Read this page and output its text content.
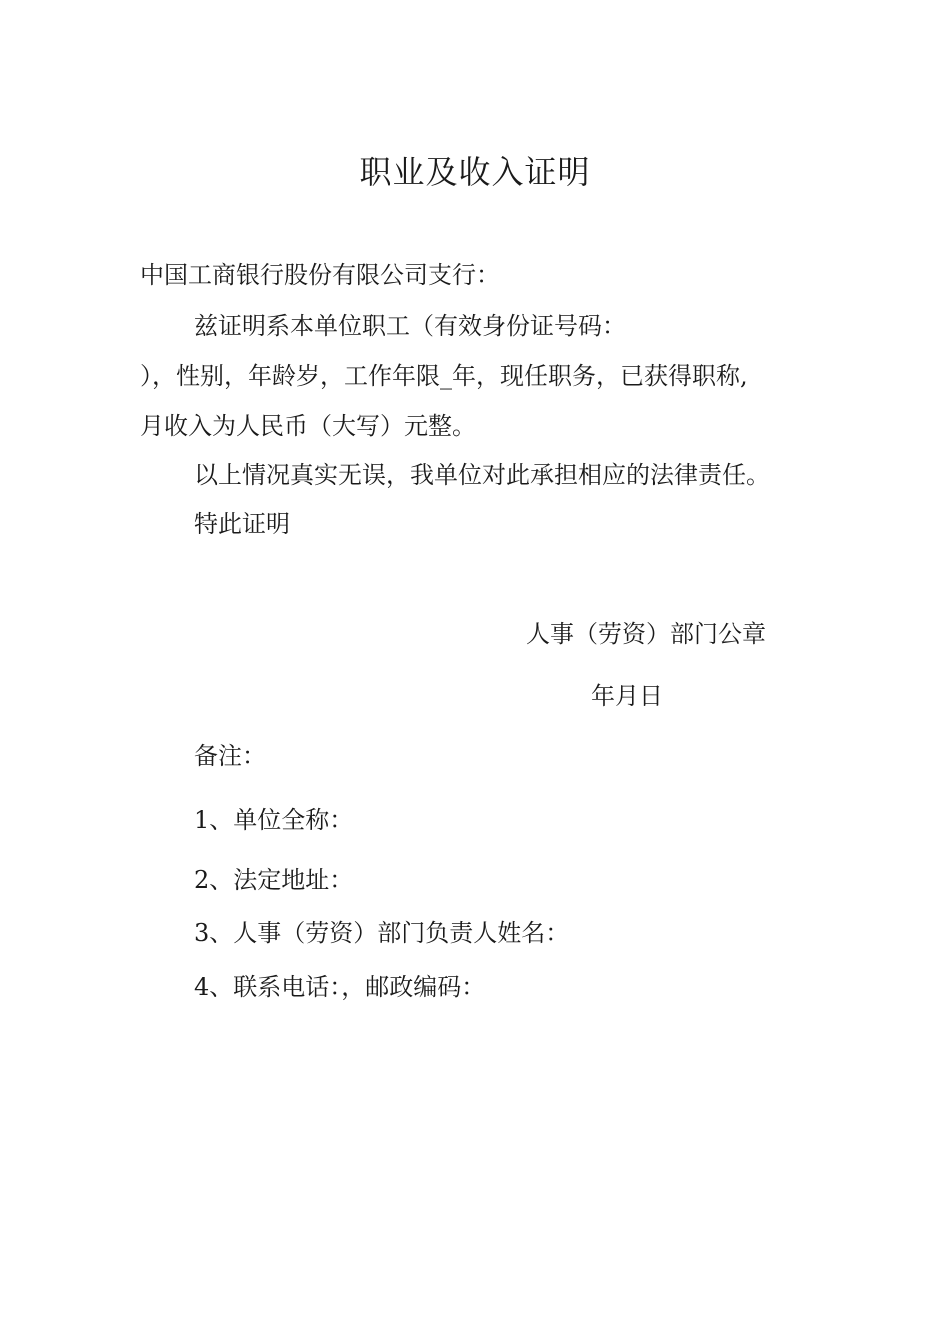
职业及收入证明
中国工商银行股份有限公司支行：
兹证明系本单位职工（有效身份证号码：
），性别，年龄岁，工作年限_年，现任职务，已获得职称,
月收入为人民币（大写）元整。
以上情况真实无误，我单位对此承担相应的法律责任。
特此证明
人事（劳资）部门公章
年月日
备注：
1、单位全称：
2、法定地址：
3、人事（劳资）部门负责人姓名：
4、联系电话：，邮政编码：
